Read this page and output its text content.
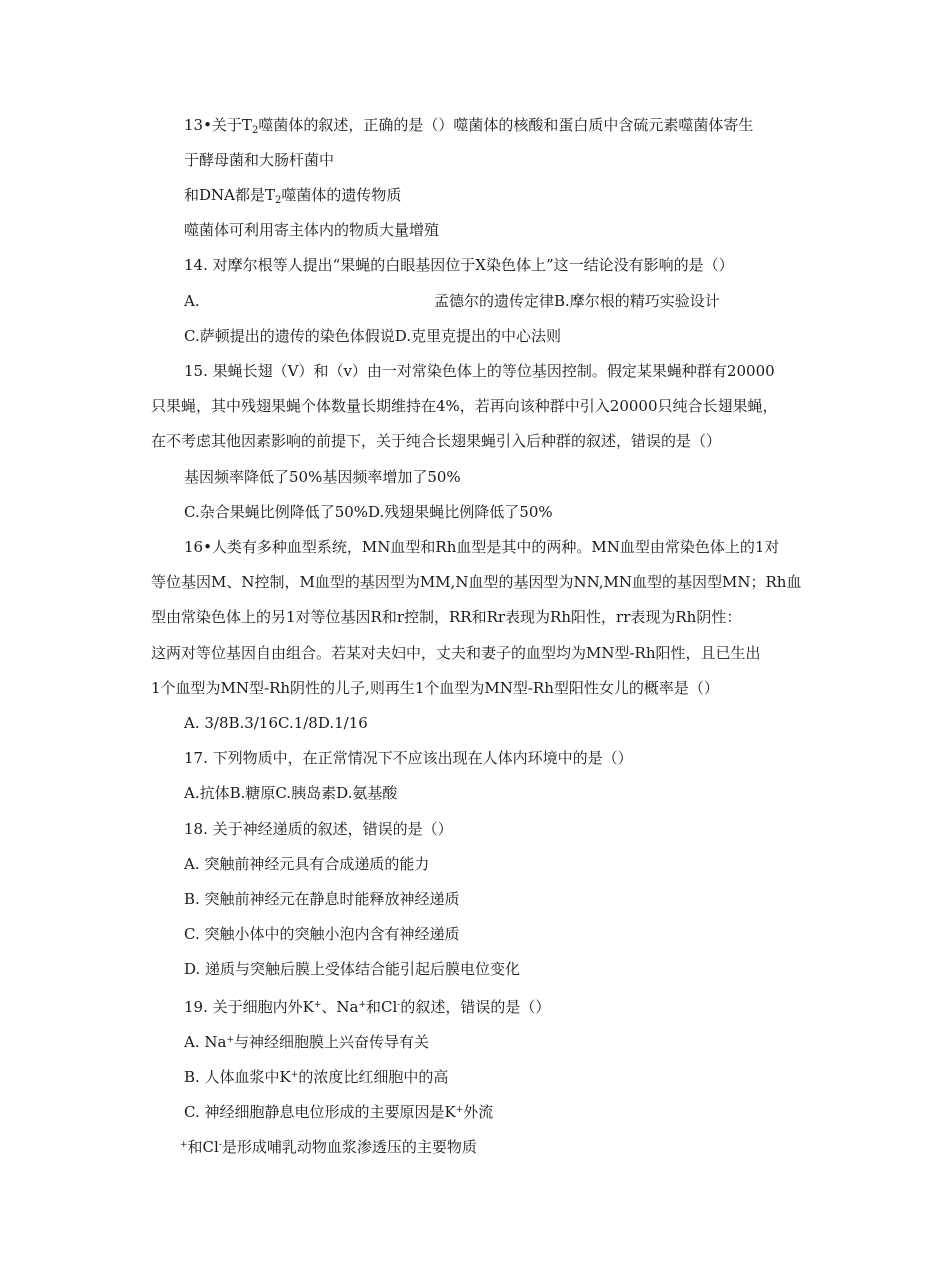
13•关于$T_2$噬菌体的叙述，正确的是（）噬菌体的核酸和蛋白质中含硫元素噬菌体寄生
于酵母菌和大肠杆菌中
和DNA都是$T_2$噬菌体的遗传物质
噬菌体可利用寄主体内的物质大量增殖
14. 对摩尔根等人提出“果蝇的白眼基因位于X染色体上”这一结论没有影响的是（）
A.	孟德尔的遗传定律B.摩尔根的精巧实验设计
C.萨顿提出的遗传的染色体假说D.克里克提出的中心法则
15. 果蝇长翅（V）和（v）由一对常染色体上的等位基因控制。假定某果蝇种群有20000
只果蝇，其中残翅果蝇个体数量长期维持在4%，若再向该种群中引入20000只纯合长翅果蝇，
在不考虑其他因素影响的前提下，关于纯合长翅果蝇引入后种群的叙述，错误的是（）
基因频率降低了50%基因频率增加了50%
C.杂合果蝇比例降低了50%D.残翅果蝇比例降低了50%
16•人类有多种血型系统，MN血型和Rh血型是其中的两种。MN血型由常染色体上的1对
等位基因M、N控制，M血型的基因型为MM,N血型的基因型为NN,MN血型的基因型MN；Rh血
型由常染色体上的另1对等位基因R和r控制，RR和Rr表现为Rh阳性，rr表现为Rh阴性：
这两对等位基因自由组合。若某对夫妇中，丈夫和妻子的血型均为MN型-Rh阳性，且已生出
1个血型为MN型-Rh阴性的儿子,则再生1个血型为MN型-Rh型阳性女儿的概率是（）
A. 3/8B.3/16C.1/8D.1/16
17. 下列物质中，在正常情况下不应该出现在人体内环境中的是（）
A.抗体B.糖原C.胰岛素D.氨基酸
18. 关于神经递质的叙述，错误的是（）
A. 突触前神经元具有合成递质的能力
B. 突触前神经元在静息时能释放神经递质
C. 突触小体中的突触小泡内含有神经递质
D. 递质与突触后膜上受体结合能引起后膜电位变化
19. 关于细胞内外K+、Na+和Cl-的叙述，错误的是（）
A. Na+与神经细胞膜上兴奋传导有关
B. 人体血浆中K+的浓度比红细胞中的高
C. 神经细胞静息电位形成的主要原因是K+外流
+和Cl-是形成哺乳动物血浆渗透压的主要物质
